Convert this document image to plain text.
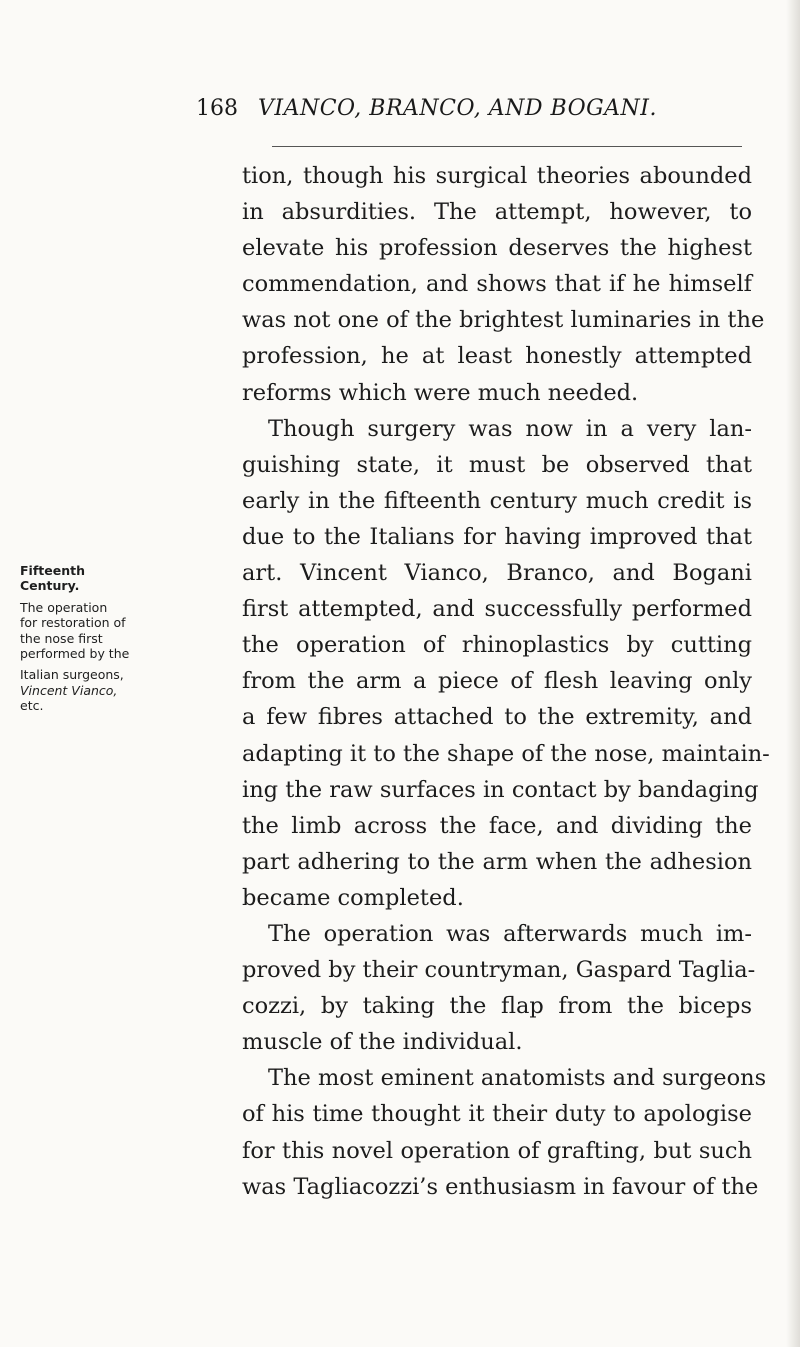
168 VIANCO, BRANCO, AND BOGANI.
Fifteenth
Century.
The operation
for restoration of
the nose first
performed by the
Italian surgeons,
Vincent Vianco,
etc.
tion, though his surgical theories abounded
in absurdities. The attempt, however, to
elevate his profession deserves the highest
commendation, and shows that if he himself
was not one of the brightest luminaries in the
profession, he at least honestly attempted
reforms which were much needed.
Though surgery was now in a very lan-
guishing state, it must be observed that
early in the fifteenth century much credit is
due to the Italians for having improved that
art. Vincent Vianco, Branco, and Bogani
first attempted, and successfully performed
the operation of rhinoplastics by cutting
from the arm a piece of flesh leaving only
a few fibres attached to the extremity, and
adapting it to the shape of the nose, maintain-
ing the raw surfaces in contact by bandaging
the limb across the face, and dividing the
part adhering to the arm when the adhesion
became completed.
The operation was afterwards much im-
proved by their countryman, Gaspard Taglia-
cozzi, by taking the flap from the biceps
muscle of the individual.
The most eminent anatomists and surgeons
of his time thought it their duty to apologise
for this novel operation of grafting, but such
was Tagliacozzi’s enthusiasm in favour of the
